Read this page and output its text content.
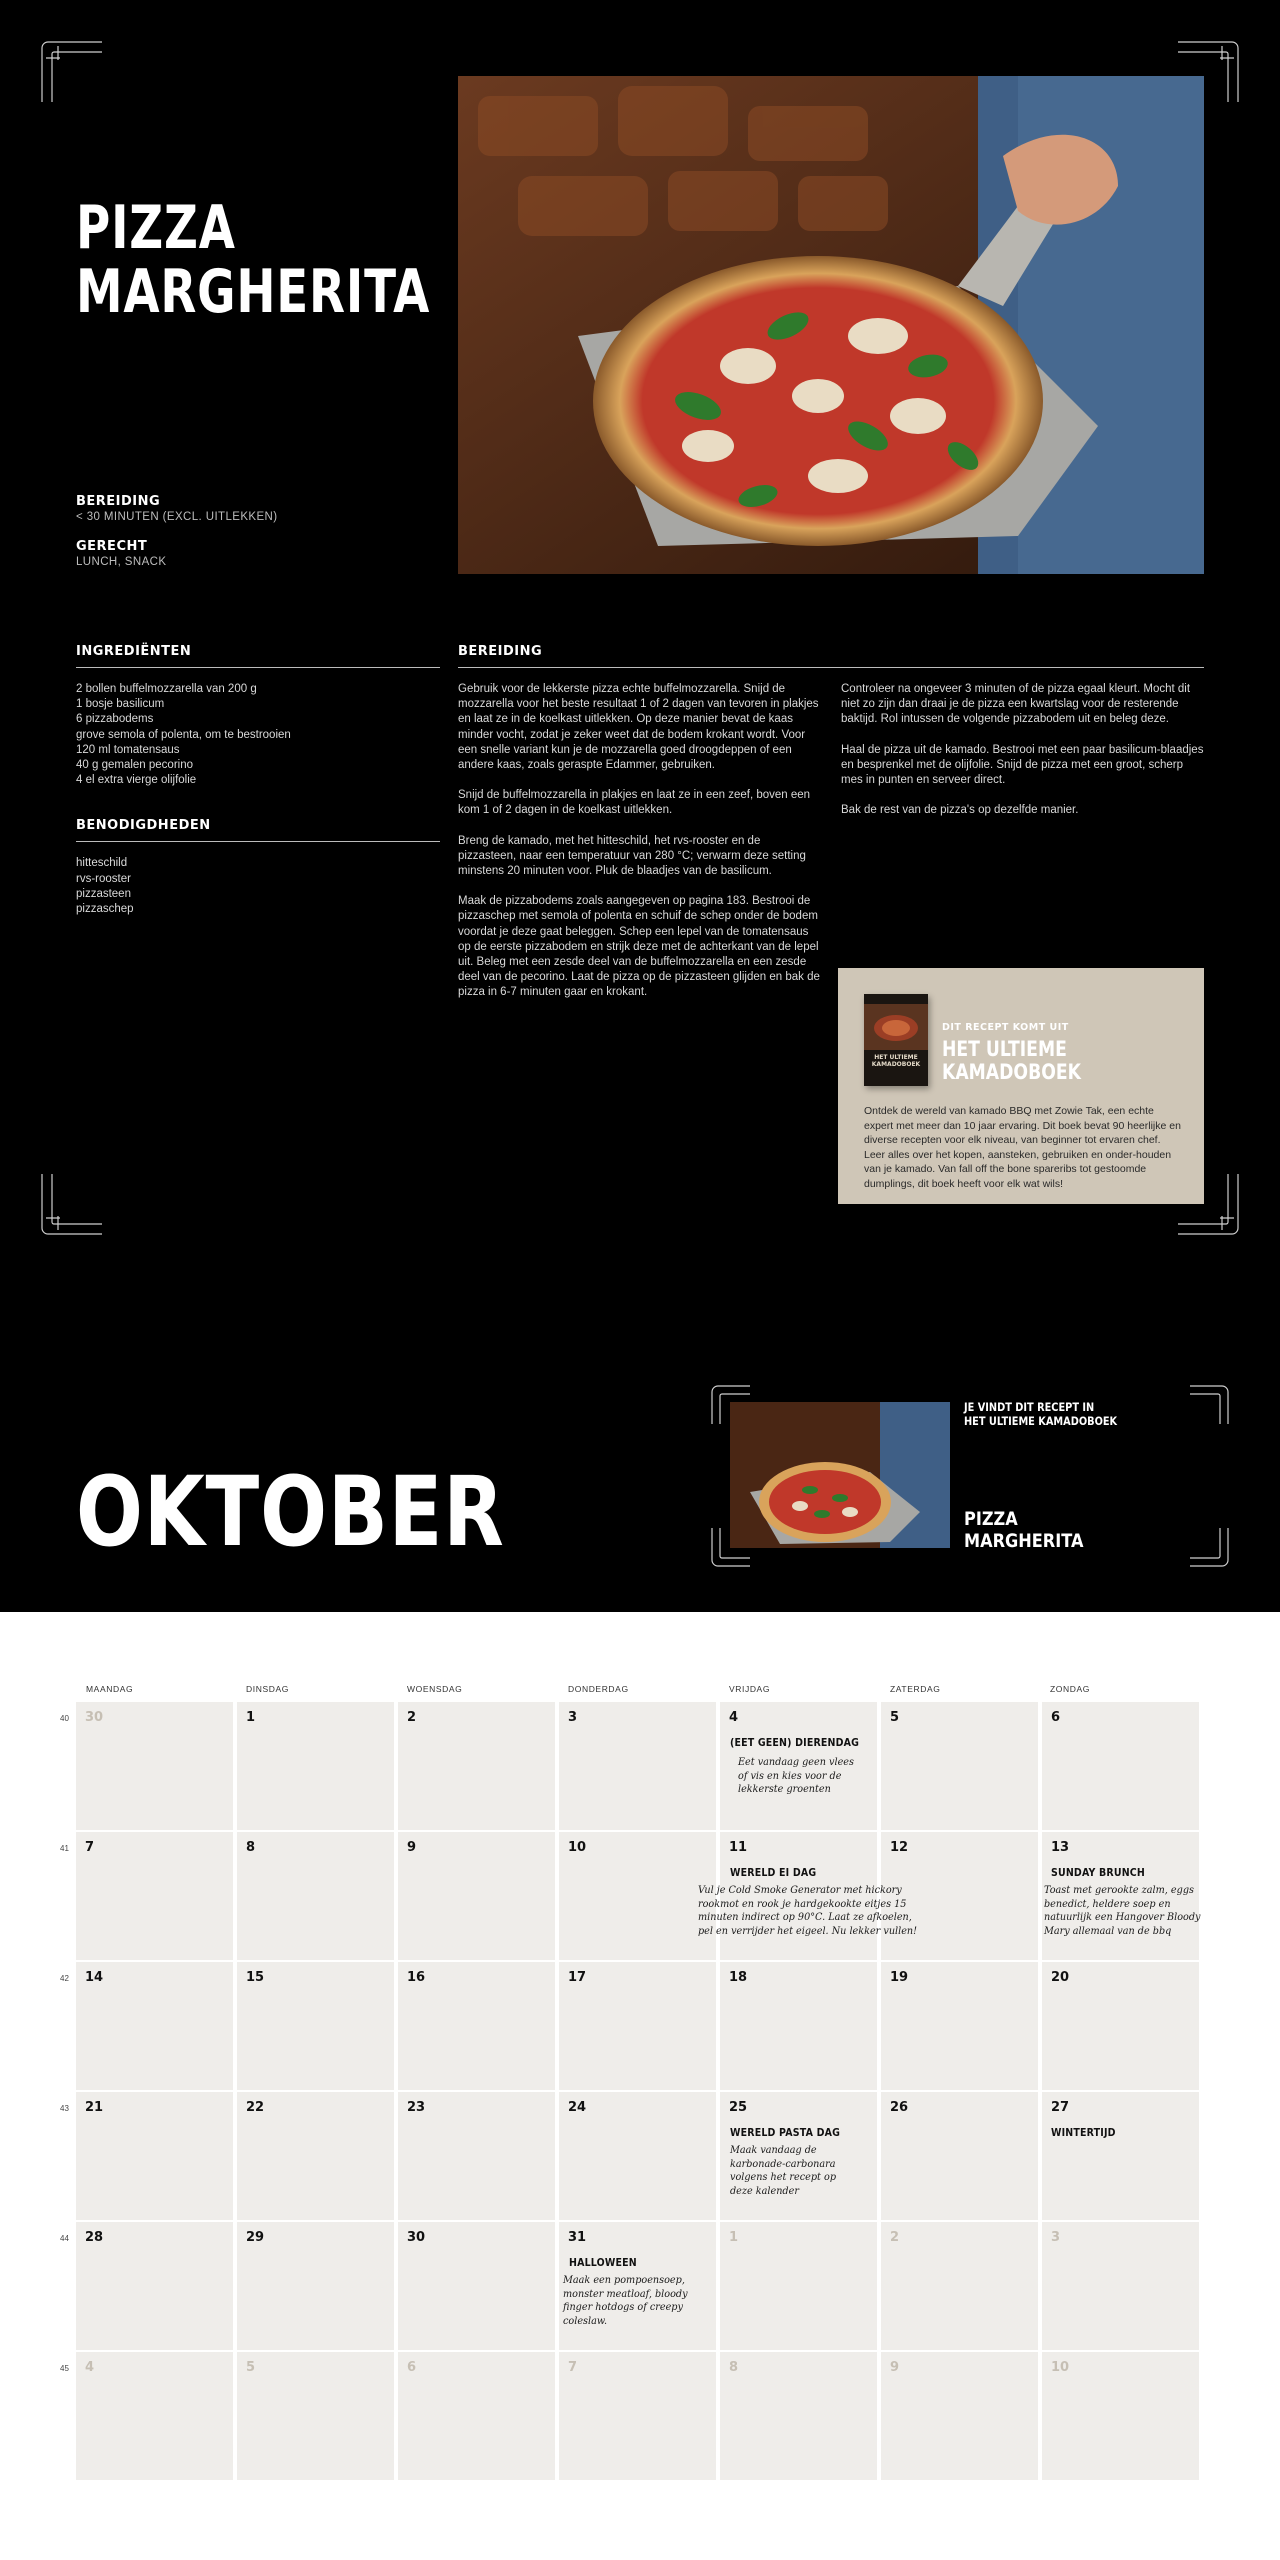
PIZZA
MARGHERITA
BEREIDING
< 30 MINUTEN (EXCL. UITLEKKEN)
GERECHT
LUNCH, SNACK
INGREDIËNTEN
2 bollen buffelmozzarella van 200 g
1 bosje basilicum
6 pizzabodems
grove semola of polenta, om te bestrooien
120 ml tomatensaus
40 g gemalen pecorino
4 el extra vierge olijfolie
BENODIGDHEDEN
hitteschild
rvs-rooster
pizzasteen
pizzaschep
BEREIDING

Gebruik voor de lekkerste pizza echte buffelmozzarella. Snijd de mozzarella voor het beste resultaat 1 of 2 dagen van tevoren in plakjes en laat ze in de koelkast uitlekken. Op deze manier bevat de kaas minder vocht, zodat je zeker weet dat de bodem krokant wordt. Voor een snelle variant kun je de mozzarella goed droogdeppen of een andere kaas, zoals geraspte Edammer, gebruiken.

Snijd de buffelmozzarella in plakjes en laat ze in een zeef, boven een kom 1 of 2 dagen in de koelkast uitlekken.

Breng de kamado, met het hitteschild, het rvs-rooster en de pizzasteen, naar een temperatuur van 280 °C; verwarm deze setting minstens 20 minuten voor. Pluk de blaadjes van de basilicum.

Maak de pizzabodems zoals aangegeven op pagina 183. Bestrooi de pizzaschep met semola of polenta en schuif de schep onder de bodem voordat je deze gaat beleggen. Schep een lepel van de tomatensaus op de eerste pizzabodem en strijk deze met de achterkant van de lepel uit. Beleg met een zesde deel van de buffelmozzarella en een zesde deel van de pecorino. Laat de pizza op de pizzasteen glijden en bak de pizza in 6-7 minuten gaar en krokant.

Controleer na ongeveer 3 minuten of de pizza egaal kleurt. Mocht dit niet zo zijn dan draai je de pizza een kwartslag voor de resterende baktijd. Rol intussen de volgende pizzabodem uit en beleg deze.

Haal de pizza uit de kamado. Bestrooi met een paar basilicum-blaadjes en besprenkel met de olijfolie. Snijd de pizza met een groot, scherp mes in punten en serveer direct.

Bak de rest van de pizza's op dezelfde manier.

HET ULTIEME KAMADOBOEK
DIT RECEPT KOMT UIT
HET ULTIEME
KAMADOBOEK
Ontdek de wereld van kamado BBQ met Zowie Tak, een echte expert met meer dan 10 jaar ervaring. Dit boek bevat 90 heerlijke en diverse recepten voor elk niveau, van beginner tot ervaren chef. Leer alles over het kopen, aansteken, gebruiken en onder-houden van je kamado. Van fall off the bone spareribs tot gestoomde dumplings, dit boek heeft voor elk wat wils!
OKTOBER
JE VINDT DIT RECEPT IN
HET ULTIEME KAMADOBOEK
PIZZA
MARGHERITA
MAANDAG	DINSDAG	WOENSDAG	DONDERDAG	VRIJDAG	ZATERDAG	ZONDAG
40
41
42
43
44
45
30	1	2	3	4	5	6
7	8	9	10	11	12	13
14	15	16	17	18	19	20
21	22	23	24	25	26	27
28	29	30	31	1	2	3
4	5	6	7	8	9	10
(EET GEEN) DIERENDAG
Eet vandaag geen vlees of vis en kies voor de lekkerste groenten
WERELD EI DAG
Vul je Cold Smoke Generator met hickory rookmot en rook je hardgekookte eitjes 15 minuten indirect op 90°C. Laat ze afkoelen, pel en verrijder het eigeel. Nu lekker vullen!
SUNDAY BRUNCH
Toast met gerookte zalm, eggs benedict, heldere soep en natuurlijk een Hangover Bloody Mary allemaal van de bbq
WERELD PASTA DAG
Maak vandaag de karbonade-carbonara volgens het recept op deze kalender
WINTERTIJD
HALLOWEEN
Maak een pompoensoep, monster meatloaf, bloody finger hotdogs of creepy coleslaw.
